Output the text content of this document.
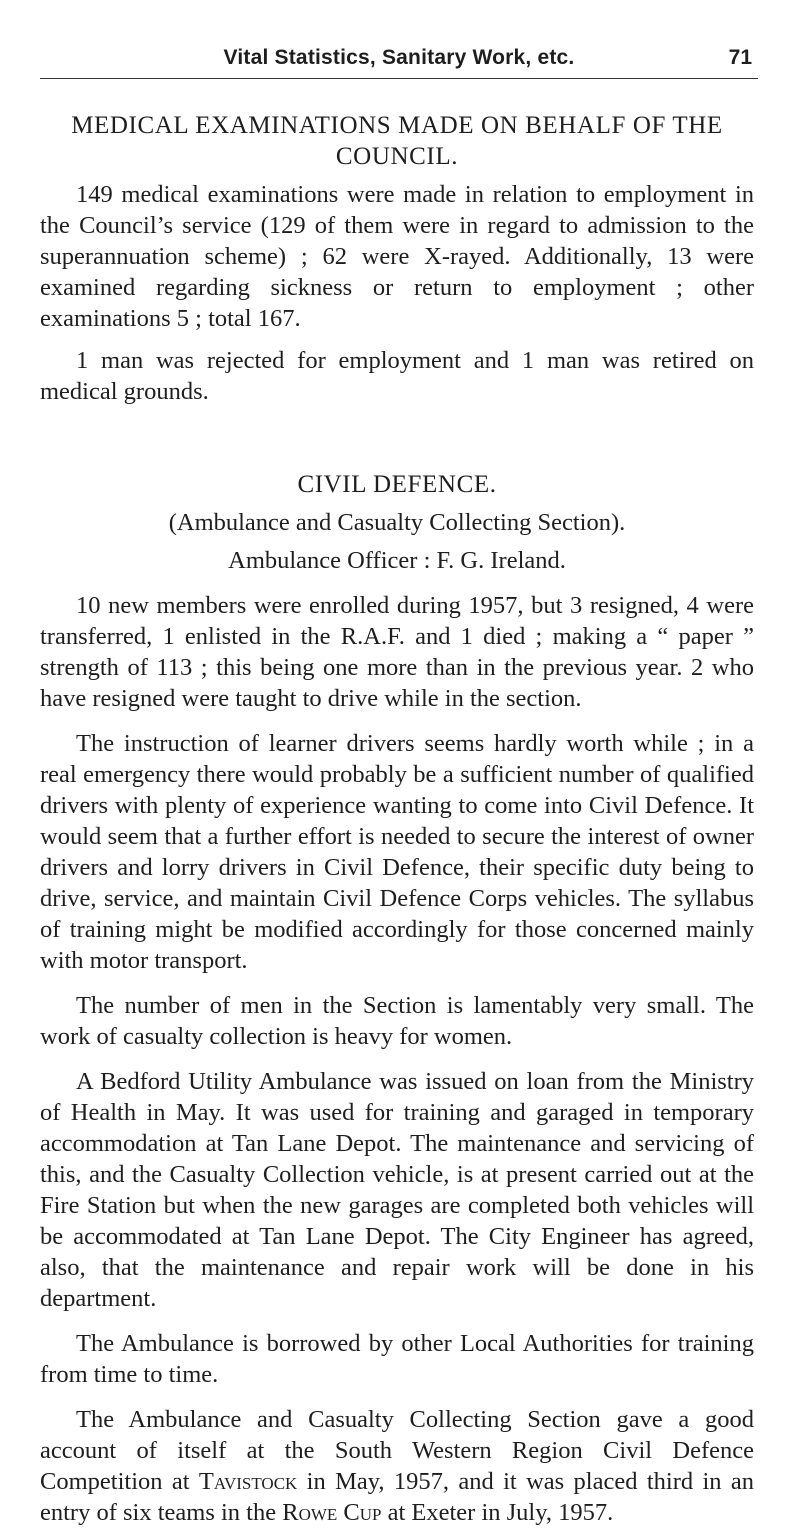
Vital Statistics, Sanitary Work, etc.	71
MEDICAL EXAMINATIONS MADE ON BEHALF OF THE COUNCIL.

149 medical examinations were made in relation to employment in the Council’s service (129 of them were in regard to admission to the superannuation scheme) ; 62 were X-rayed. Additionally, 13 were examined regarding sickness or return to employment ; other examinations 5 ; total 167.

1 man was rejected for employment and 1 man was retired on medical grounds.

CIVIL DEFENCE.
(Ambulance and Casualty Collecting Section).
Ambulance Officer : F. G. Ireland.

10 new members were enrolled during 1957, but 3 resigned, 4 were transferred, 1 enlisted in the R.A.F. and 1 died ; making a “ paper ” strength of 113 ; this being one more than in the previous year. 2 who have resigned were taught to drive while in the section.

The instruction of learner drivers seems hardly worth while ; in a real emergency there would probably be a sufficient number of qualified drivers with plenty of experience wanting to come into Civil Defence. It would seem that a further effort is needed to secure the interest of owner drivers and lorry drivers in Civil Defence, their specific duty being to drive, service, and maintain Civil Defence Corps vehicles. The syllabus of training might be modified accordingly for those concerned mainly with motor transport.

The number of men in the Section is lamentably very small. The work of casualty collection is heavy for women.

A Bedford Utility Ambulance was issued on loan from the Ministry of Health in May. It was used for training and garaged in temporary accommodation at Tan Lane Depot. The maintenance and servicing of this, and the Casualty Collection vehicle, is at present carried out at the Fire Station but when the new garages are completed both vehicles will be accommodated at Tan Lane Depot. The City Engineer has agreed, also, that the maintenance and repair work will be done in his department.

The Ambulance is borrowed by other Local Authorities for training from time to time.

The Ambulance and Casualty Collecting Section gave a good account of itself at the South Western Region Civil Defence Competition at Tavistock in May, 1957, and it was placed third in an entry of six teams in the Rowe Cup at Exeter in July, 1957.
